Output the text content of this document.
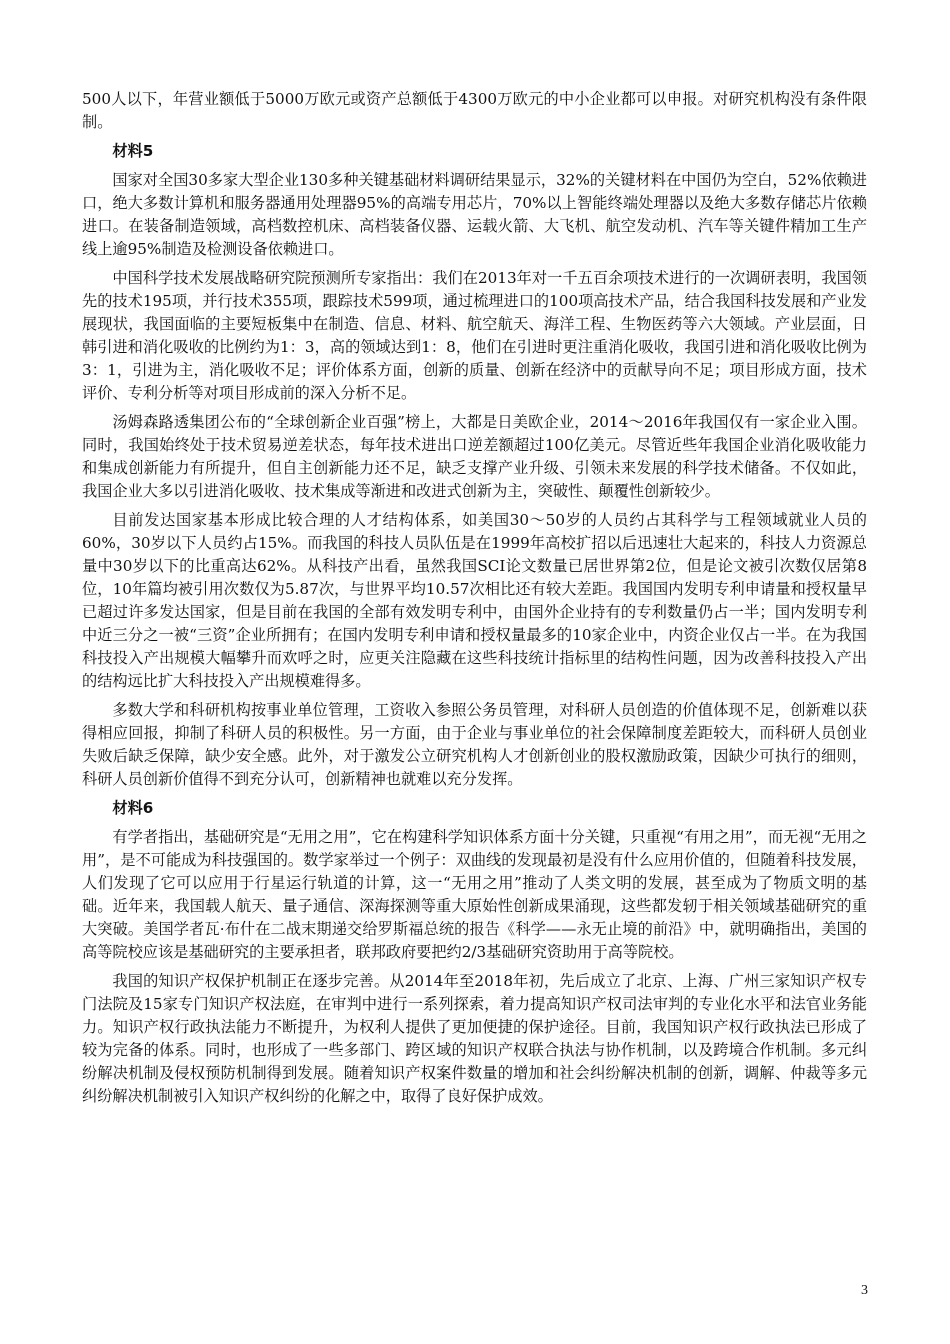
500人以下，年营业额低于5000万欧元或资产总额低于4300万欧元的中小企业都可以申报。对研究机构没有条件限制。

材料5

国家对全国30多家大型企业130多种关键基础材料调研结果显示，32%的关键材料在中国仍为空白，52%依赖进口，绝大多数计算机和服务器通用处理器95%的高端专用芯片，70%以上智能终端处理器以及绝大多数存储芯片依赖进口。在装备制造领域，高档数控机床、高档装备仪器、运载火箭、大飞机、航空发动机、汽车等关键件精加工生产线上逾95%制造及检测设备依赖进口。

中国科学技术发展战略研究院预测所专家指出：我们在2013年对一千五百余项技术进行的一次调研表明，我国领先的技术195项，并行技术355项，跟踪技术599项，通过梳理进口的100项高技术产品，结合我国科技发展和产业发展现状，我国面临的主要短板集中在制造、信息、材料、航空航天、海洋工程、生物医药等六大领域。产业层面，日韩引进和消化吸收的比例约为1：3，高的领域达到1：8，他们在引进时更注重消化吸收，我国引进和消化吸收比例为3：1，引进为主，消化吸收不足；评价体系方面，创新的质量、创新在经济中的贡献导向不足；项目形成方面，技术评价、专利分析等对项目形成前的深入分析不足。

汤姆森路透集团公布的“全球创新企业百强”榜上，大都是日美欧企业，2014～2016年我国仅有一家企业入围。同时，我国始终处于技术贸易逆差状态，每年技术进出口逆差额超过100亿美元。尽管近些年我国企业消化吸收能力和集成创新能力有所提升，但自主创新能力还不足，缺乏支撑产业升级、引领未来发展的科学技术储备。不仅如此，我国企业大多以引进消化吸收、技术集成等渐进和改进式创新为主，突破性、颠覆性创新较少。

目前发达国家基本形成比较合理的人才结构体系，如美国30～50岁的人员约占其科学与工程领域就业人员的60%，30岁以下人员约占15%。而我国的科技人员队伍是在1999年高校扩招以后迅速壮大起来的，科技人力资源总量中30岁以下的比重高达62%。从科技产出看，虽然我国SCI论文数量已居世界第2位，但是论文被引次数仅居第8位，10年篇均被引用次数仅为5.87次，与世界平均10.57次相比还有较大差距。我国国内发明专利申请量和授权量早已超过许多发达国家，但是目前在我国的全部有效发明专利中，由国外企业持有的专利数量仍占一半；国内发明专利中近三分之一被“三资”企业所拥有；在国内发明专利申请和授权量最多的10家企业中，内资企业仅占一半。在为我国科技投入产出规模大幅攀升而欢呼之时，应更关注隐藏在这些科技统计指标里的结构性问题，因为改善科技投入产出的结构远比扩大科技投入产出规模难得多。

多数大学和科研机构按事业单位管理，工资收入参照公务员管理，对科研人员创造的价值体现不足，创新难以获得相应回报，抑制了科研人员的积极性。另一方面，由于企业与事业单位的社会保障制度差距较大，而科研人员创业失败后缺乏保障，缺少安全感。此外，对于激发公立研究机构人才创新创业的股权激励政策，因缺少可执行的细则，科研人员创新价值得不到充分认可，创新精神也就难以充分发挥。

材料6

有学者指出，基础研究是“无用之用”，它在构建科学知识体系方面十分关键，只重视“有用之用”，而无视“无用之用”，是不可能成为科技强国的。数学家举过一个例子：双曲线的发现最初是没有什么应用价值的，但随着科技发展，人们发现了它可以应用于行星运行轨道的计算，这一“无用之用”推动了人类文明的发展，甚至成为了物质文明的基础。近年来，我国载人航天、量子通信、深海探测等重大原始性创新成果涌现，这些都发轫于相关领域基础研究的重大突破。美国学者瓦·布什在二战末期递交给罗斯福总统的报告《科学——永无止境的前沿》中，就明确指出，美国的高等院校应该是基础研究的主要承担者，联邦政府要把约2/3基础研究资助用于高等院校。

我国的知识产权保护机制正在逐步完善。从2014年至2018年初，先后成立了北京、上海、广州三家知识产权专门法院及15家专门知识产权法庭，在审判中进行一系列探索，着力提高知识产权司法审判的专业化水平和法官业务能力。知识产权行政执法能力不断提升，为权利人提供了更加便捷的保护途径。目前，我国知识产权行政执法已形成了较为完备的体系。同时，也形成了一些多部门、跨区域的知识产权联合执法与协作机制，以及跨境合作机制。多元纠纷解决机制及侵权预防机制得到发展。随着知识产权案件数量的增加和社会纠纷解决机制的创新，调解、仲裁等多元纠纷解决机制被引入知识产权纠纷的化解之中，取得了良好保护成效。

3
